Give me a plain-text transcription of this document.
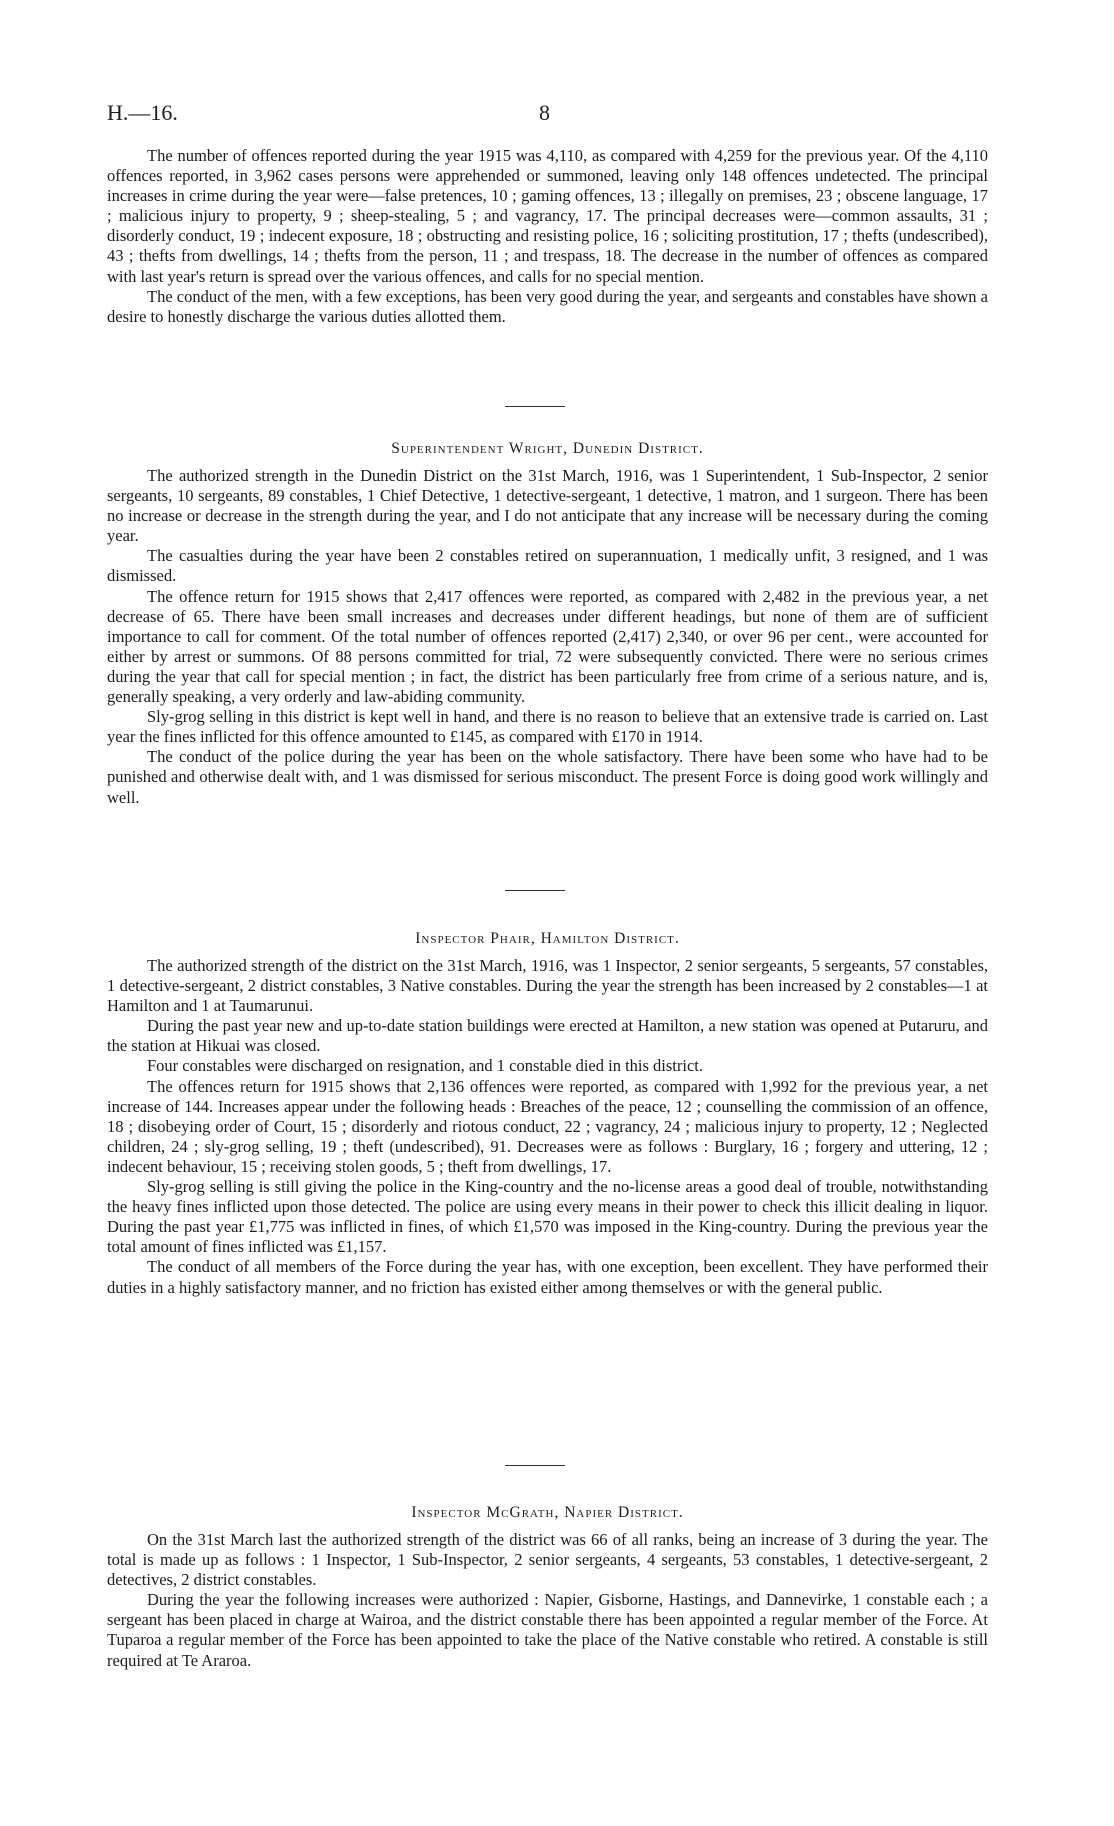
H.—16.	8

The number of offences reported during the year 1915 was 4,110, as compared with 4,259 for the previous year. Of the 4,110 offences reported, in 3,962 cases persons were apprehended or summoned, leaving only 148 offences undetected. The principal increases in crime during the year were—false pretences, 10 ; gaming offences, 13 ; illegally on premises, 23 ; obscene language, 17 ; malicious injury to property, 9 ; sheep-stealing, 5 ; and vagrancy, 17. The principal decreases were—common assaults, 31 ; disorderly conduct, 19 ; indecent exposure, 18 ; obstructing and resisting police, 16 ; soliciting prostitution, 17 ; thefts (undescribed), 43 ; thefts from dwellings, 14 ; thefts from the person, 11 ; and trespass, 18. The decrease in the number of offences as compared with last year's return is spread over the various offences, and calls for no special mention.

The conduct of the men, with a few exceptions, has been very good during the year, and sergeants and constables have shown a desire to honestly discharge the various duties allotted them.

Superintendent Wright, Dunedin District.

The authorized strength in the Dunedin District on the 31st March, 1916, was 1 Superintendent, 1 Sub-Inspector, 2 senior sergeants, 10 sergeants, 89 constables, 1 Chief Detective, 1 detective-sergeant, 1 detective, 1 matron, and 1 surgeon. There has been no increase or decrease in the strength during the year, and I do not anticipate that any increase will be necessary during the coming year.

The casualties during the year have been 2 constables retired on superannuation, 1 medically unfit, 3 resigned, and 1 was dismissed.

The offence return for 1915 shows that 2,417 offences were reported, as compared with 2,482 in the previous year, a net decrease of 65. There have been small increases and decreases under different headings, but none of them are of sufficient importance to call for comment. Of the total number of offences reported (2,417) 2,340, or over 96 per cent., were accounted for either by arrest or summons. Of 88 persons committed for trial, 72 were subsequently convicted. There were no serious crimes during the year that call for special mention ; in fact, the district has been particularly free from crime of a serious nature, and is, generally speaking, a very orderly and law-abiding community.

Sly-grog selling in this district is kept well in hand, and there is no reason to believe that an extensive trade is carried on. Last year the fines inflicted for this offence amounted to £145, as compared with £170 in 1914.

The conduct of the police during the year has been on the whole satisfactory. There have been some who have had to be punished and otherwise dealt with, and 1 was dismissed for serious misconduct. The present Force is doing good work willingly and well.

Inspector Phair, Hamilton District.

The authorized strength of the district on the 31st March, 1916, was 1 Inspector, 2 senior sergeants, 5 sergeants, 57 constables, 1 detective-sergeant, 2 district constables, 3 Native constables. During the year the strength has been increased by 2 constables—1 at Hamilton and 1 at Taumarunui.

During the past year new and up-to-date station buildings were erected at Hamilton, a new station was opened at Putaruru, and the station at Hikuai was closed.

Four constables were discharged on resignation, and 1 constable died in this district.

The offences return for 1915 shows that 2,136 offences were reported, as compared with 1,992 for the previous year, a net increase of 144. Increases appear under the following heads : Breaches of the peace, 12 ; counselling the commission of an offence, 18 ; disobeying order of Court, 15 ; disorderly and riotous conduct, 22 ; vagrancy, 24 ; malicious injury to property, 12 ; Neglected children, 24 ; sly-grog selling, 19 ; theft (undescribed), 91. Decreases were as follows : Burglary, 16 ; forgery and uttering, 12 ; indecent behaviour, 15 ; receiving stolen goods, 5 ; theft from dwellings, 17.

Sly-grog selling is still giving the police in the King-country and the no-license areas a good deal of trouble, notwithstanding the heavy fines inflicted upon those detected. The police are using every means in their power to check this illicit dealing in liquor. During the past year £1,775 was inflicted in fines, of which £1,570 was imposed in the King-country. During the previous year the total amount of fines inflicted was £1,157.

The conduct of all members of the Force during the year has, with one exception, been excellent. They have performed their duties in a highly satisfactory manner, and no friction has existed either among themselves or with the general public.

Inspector McGrath, Napier District.

On the 31st March last the authorized strength of the district was 66 of all ranks, being an increase of 3 during the year. The total is made up as follows : 1 Inspector, 1 Sub-Inspector, 2 senior sergeants, 4 sergeants, 53 constables, 1 detective-sergeant, 2 detectives, 2 district constables.

During the year the following increases were authorized : Napier, Gisborne, Hastings, and Dannevirke, 1 constable each ; a sergeant has been placed in charge at Wairoa, and the district constable there has been appointed a regular member of the Force. At Tuparoa a regular member of the Force has been appointed to take the place of the Native constable who retired. A constable is still required at Te Araroa.
